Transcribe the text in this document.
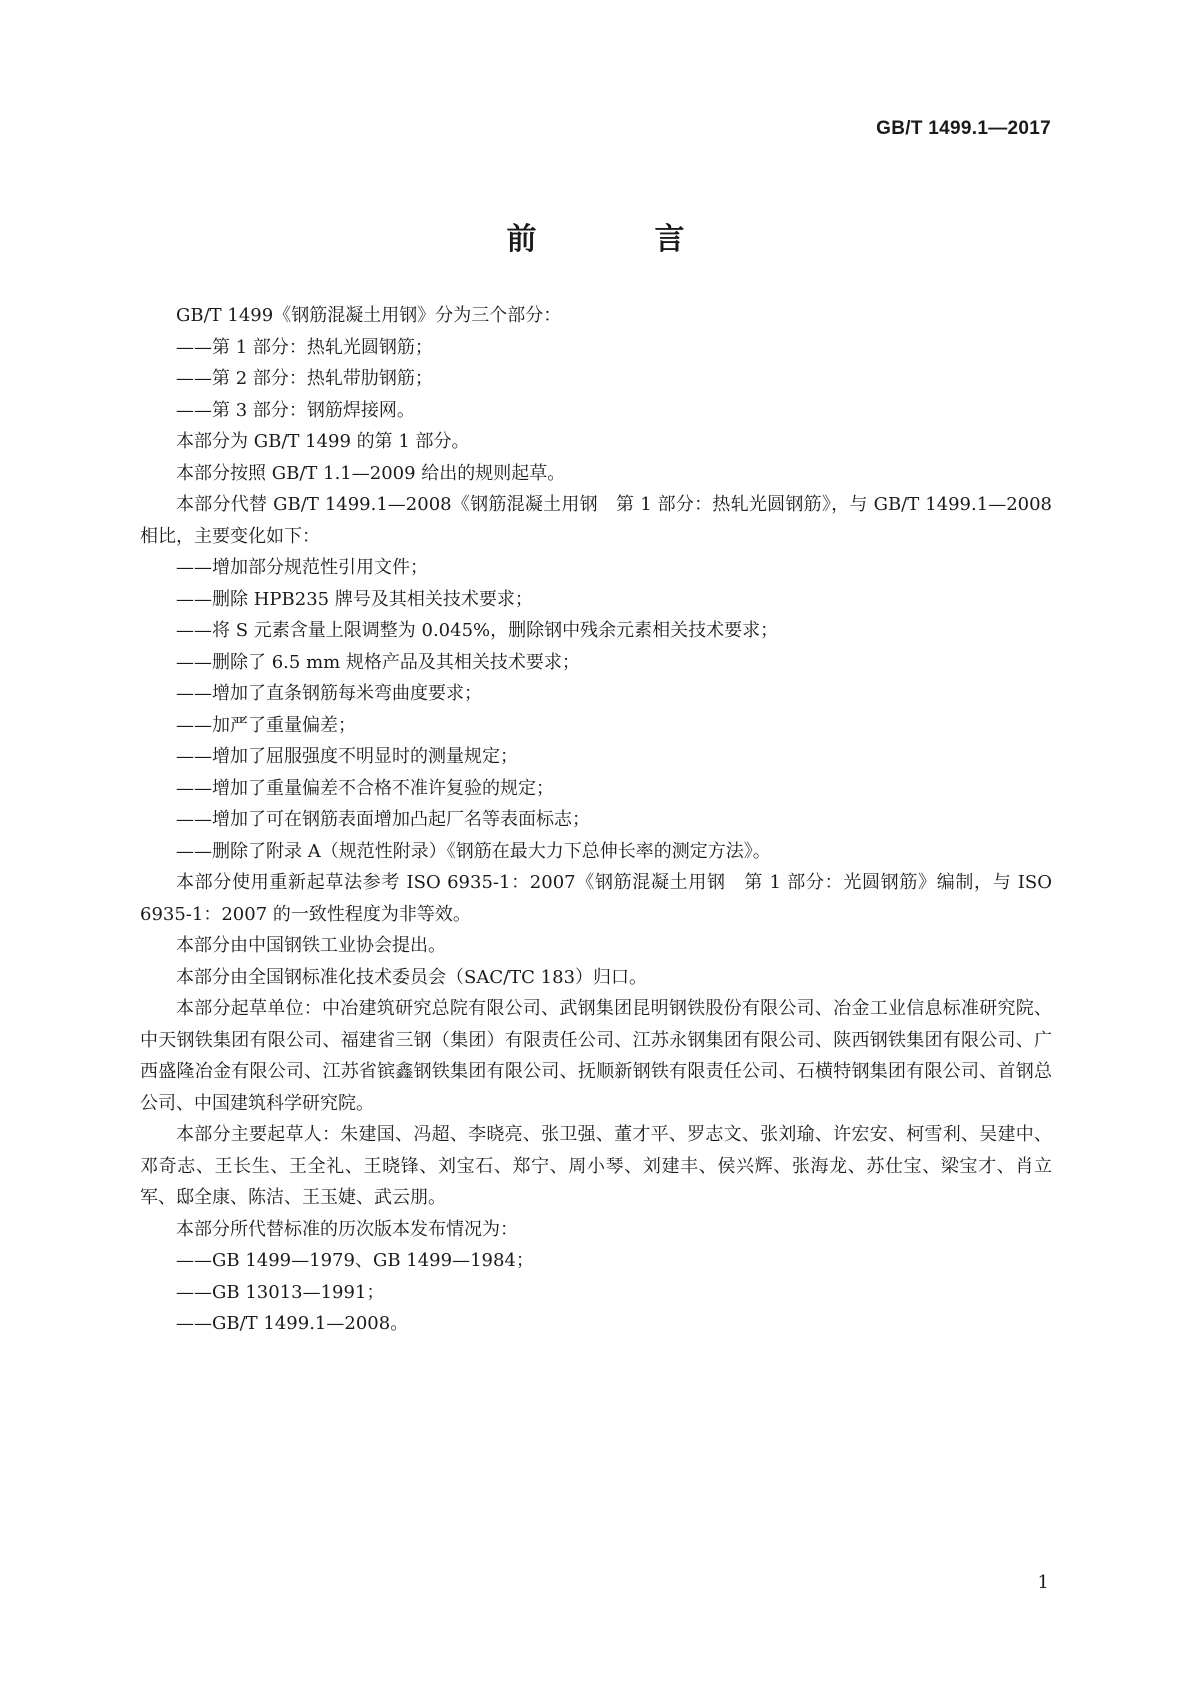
GB/T 1499.1—2017
前　言

GB/T 1499《钢筋混凝土用钢》分为三个部分：

——第 1 部分：热轧光圆钢筋；

——第 2 部分：热轧带肋钢筋；

——第 3 部分：钢筋焊接网。

本部分为 GB/T 1499 的第 1 部分。

本部分按照 GB/T 1.1—2009 给出的规则起草。

本部分代替 GB/T 1499.1—2008《钢筋混凝土用钢　第 1 部分：热轧光圆钢筋》，与 GB/T 1499.1—2008 相比，主要变化如下：

——增加部分规范性引用文件；

——删除 HPB235 牌号及其相关技术要求；

——将 S 元素含量上限调整为 0.045%，删除钢中残余元素相关技术要求；

——删除了 6.5 mm 规格产品及其相关技术要求；

——增加了直条钢筋每米弯曲度要求；

——加严了重量偏差；

——增加了屈服强度不明显时的测量规定；

——增加了重量偏差不合格不准许复验的规定；

——增加了可在钢筋表面增加凸起厂名等表面标志；

——删除了附录 A（规范性附录）《钢筋在最大力下总伸长率的测定方法》。

本部分使用重新起草法参考 ISO 6935-1：2007《钢筋混凝土用钢　第 1 部分：光圆钢筋》编制，与 ISO 6935-1：2007 的一致性程度为非等效。

本部分由中国钢铁工业协会提出。

本部分由全国钢标准化技术委员会（SAC/TC 183）归口。

本部分起草单位：中冶建筑研究总院有限公司、武钢集团昆明钢铁股份有限公司、冶金工业信息标准研究院、中天钢铁集团有限公司、福建省三钢（集团）有限责任公司、江苏永钢集团有限公司、陕西钢铁集团有限公司、广西盛隆冶金有限公司、江苏省镔鑫钢铁集团有限公司、抚顺新钢铁有限责任公司、石横特钢集团有限公司、首钢总公司、中国建筑科学研究院。

本部分主要起草人：朱建国、冯超、李晓亮、张卫强、董才平、罗志文、张刘瑜、许宏安、柯雪利、吴建中、邓奇志、王长生、王全礼、王晓锋、刘宝石、郑宁、周小琴、刘建丰、侯兴辉、张海龙、苏仕宝、梁宝才、肖立军、邸全康、陈洁、王玉婕、武云朋。

本部分所代替标准的历次版本发布情况为：

——GB 1499—1979、GB 1499—1984；

——GB 13013—1991；

——GB/T 1499.1—2008。

1
